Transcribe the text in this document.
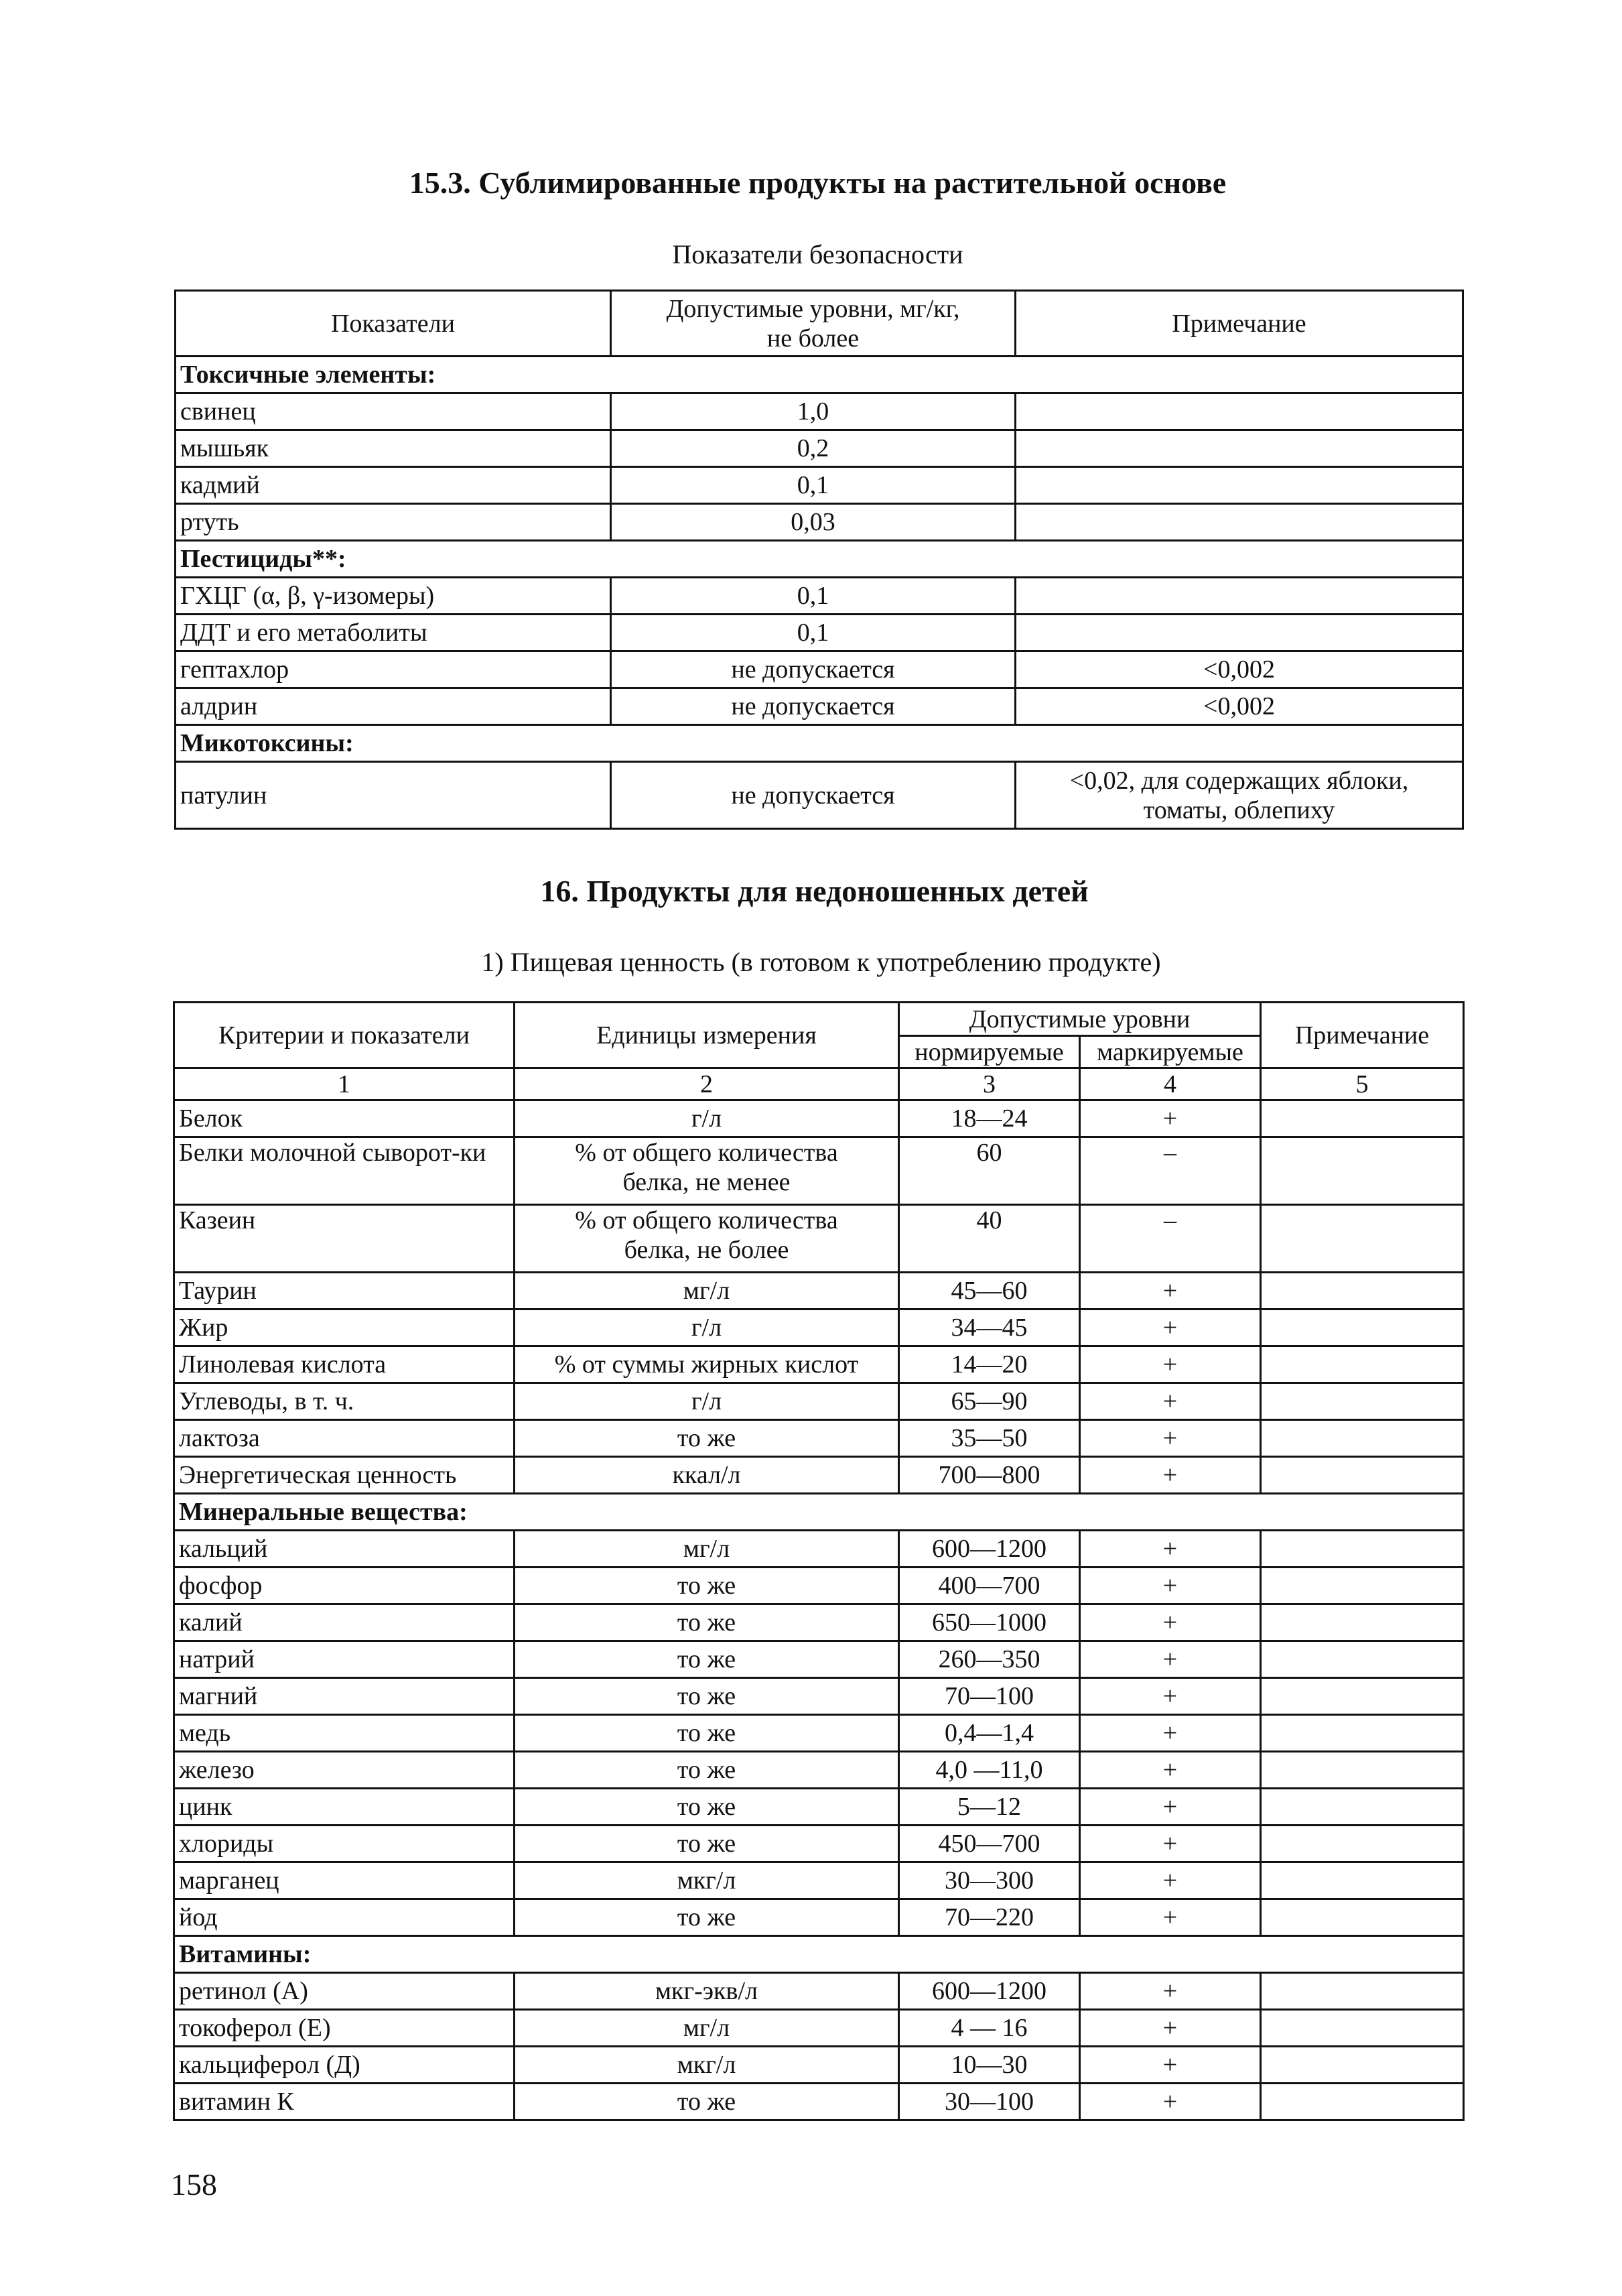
15.3. Сублимированные продукты на растительной основе
Показатели безопасности
Показатели	Допустимые уровни, мг/кг, не более	Примечание
Токсичные элементы:		
свинец	1,0	
мышьяк	0,2	
кадмий	0,1	
ртуть	0,03	
Пестициды**:		
ГХЦГ (α, β, γ-изомеры)	0,1	
ДДТ и его метаболиты	0,1	
гептахлор	не допускается	<0,002
алдрин	не допускается	<0,002
Микотоксины:		
патулин	не допускается	<0,02, для содержащих яблоки, томаты, облепиху
16. Продукты для недоношенных детей
1) Пищевая ценность (в готовом к употреблению продукте)
Критерии и показатели	Единицы измерения	Допустимые уровни		Примечание
		нормируемые	маркируемые	
1	2	3	4	5
Белок	г/л	18—24	+	
Белки молочной сыворот-ки	% от общего количества белка, не менее	60	–	
Казеин	% от общего количества белка, не более	40	–	
Таурин	мг/л	45—60	+	
Жир	г/л	34—45	+	
Линолевая кислота	% от суммы жирных кислот	14—20	+	
Углеводы, в т. ч.	г/л	65—90	+	
лактоза	то же	35—50	+	
Энергетическая ценность	ккал/л	700—800	+	
Минеральные вещества:				
кальций	мг/л	600—1200	+	
фосфор	то же	400—700	+	
калий	то же	650—1000	+	
натрий	то же	260—350	+	
магний	то же	70—100	+	
медь	то же	0,4—1,4	+	
железо	то же	4,0 —11,0	+	
цинк	то же	5—12	+	
хлориды	то же	450—700	+	
марганец	мкг/л	30—300	+	
йод	то же	70—220	+	
Витамины:				
ретинол (А)	мкг-экв/л	600—1200	+	
токоферол (Е)	мг/л	4 — 16	+	
кальциферол (Д)	мкг/л	10—30	+	
витамин К	то же	30—100	+	
158
